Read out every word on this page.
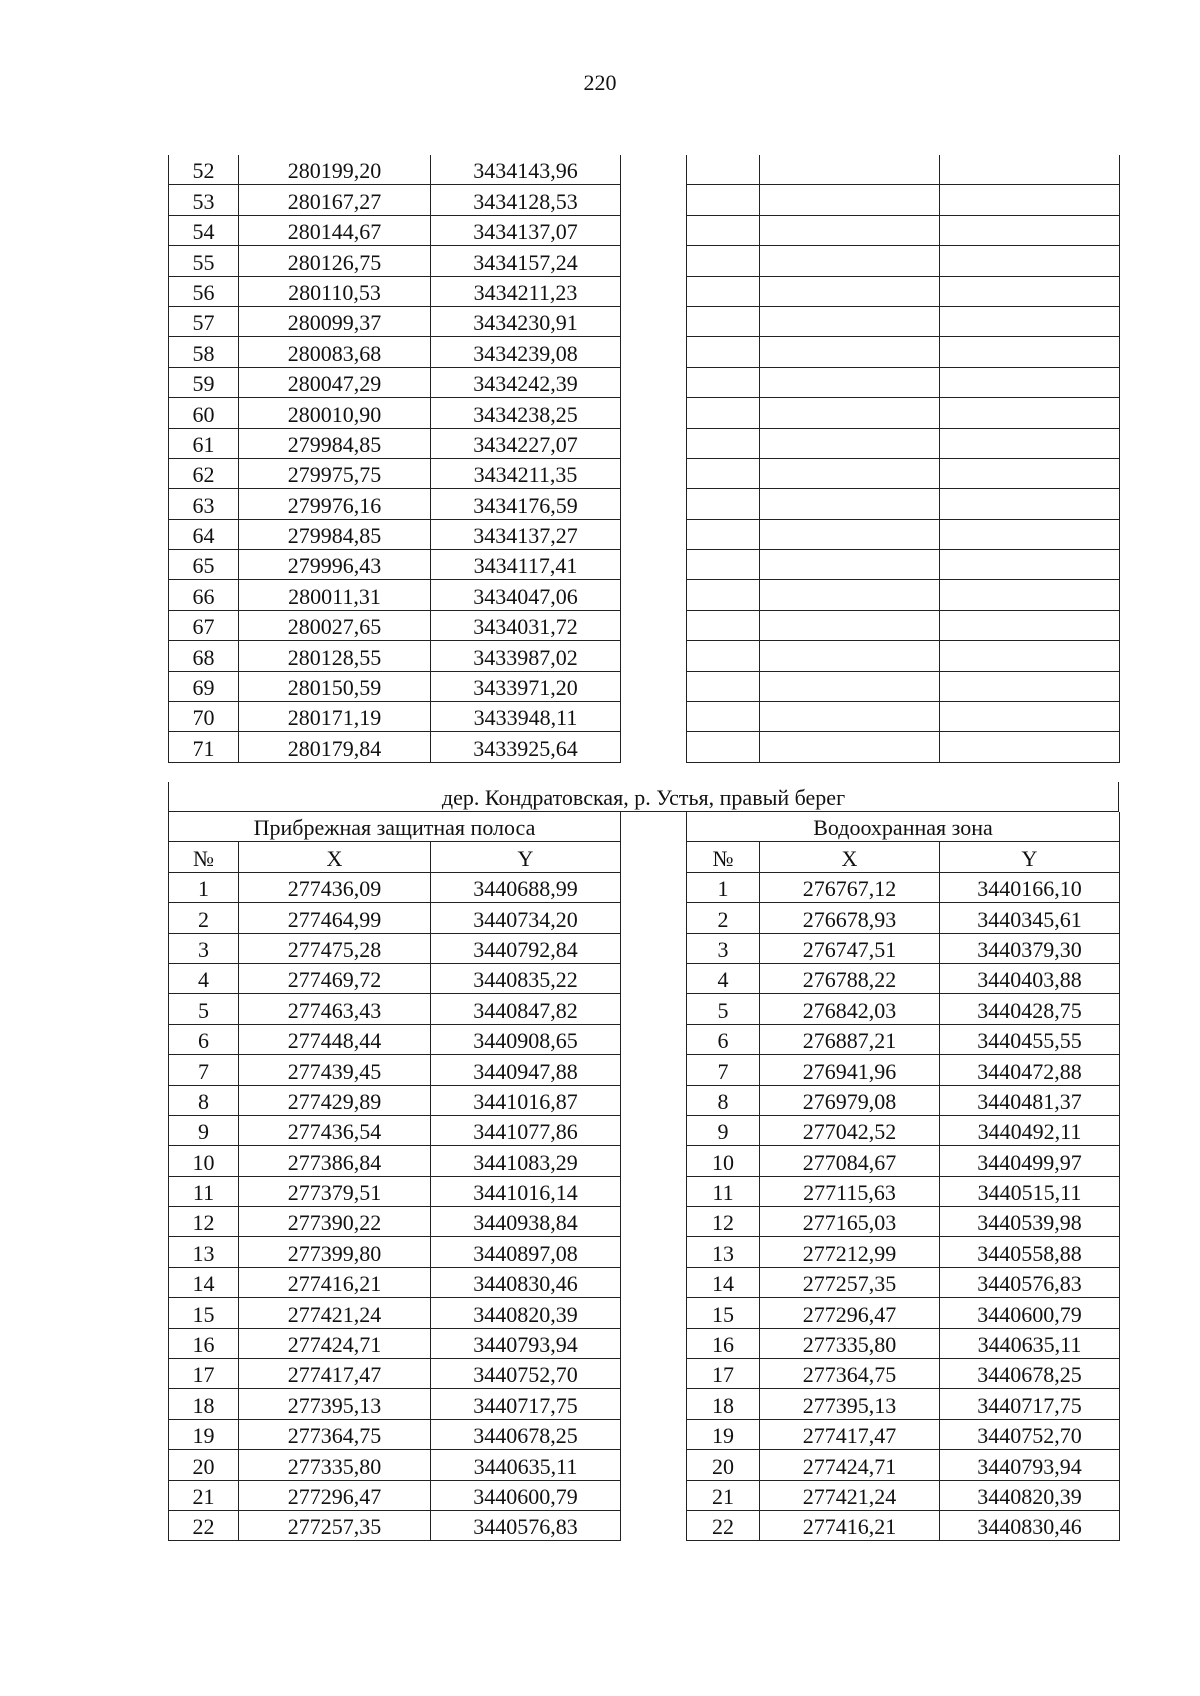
220
52	280199,20	3434143,96
53	280167,27	3434128,53
54	280144,67	3434137,07
55	280126,75	3434157,24
56	280110,53	3434211,23
57	280099,37	3434230,91
58	280083,68	3434239,08
59	280047,29	3434242,39
60	280010,90	3434238,25
61	279984,85	3434227,07
62	279975,75	3434211,35
63	279976,16	3434176,59
64	279984,85	3434137,27
65	279996,43	3434117,41
66	280011,31	3434047,06
67	280027,65	3434031,72
68	280128,55	3433987,02
69	280150,59	3433971,20
70	280171,19	3433948,11
71	280179,84	3433925,64

дер. Кондратовская, р. Устья, правый берег
Прибрежная защитная полоса		
№	X	Y
1	277436,09	3440688,99
2	277464,99	3440734,20
3	277475,28	3440792,84
4	277469,72	3440835,22
5	277463,43	3440847,82
6	277448,44	3440908,65
7	277439,45	3440947,88
8	277429,89	3441016,87
9	277436,54	3441077,86
10	277386,84	3441083,29
11	277379,51	3441016,14
12	277390,22	3440938,84
13	277399,80	3440897,08
14	277416,21	3440830,46
15	277421,24	3440820,39
16	277424,71	3440793,94
17	277417,47	3440752,70
18	277395,13	3440717,75
19	277364,75	3440678,25
20	277335,80	3440635,11
21	277296,47	3440600,79
22	277257,35	3440576,83
Водоохранная зона		
№	X	Y
1	276767,12	3440166,10
2	276678,93	3440345,61
3	276747,51	3440379,30
4	276788,22	3440403,88
5	276842,03	3440428,75
6	276887,21	3440455,55
7	276941,96	3440472,88
8	276979,08	3440481,37
9	277042,52	3440492,11
10	277084,67	3440499,97
11	277115,63	3440515,11
12	277165,03	3440539,98
13	277212,99	3440558,88
14	277257,35	3440576,83
15	277296,47	3440600,79
16	277335,80	3440635,11
17	277364,75	3440678,25
18	277395,13	3440717,75
19	277417,47	3440752,70
20	277424,71	3440793,94
21	277421,24	3440820,39
22	277416,21	3440830,46
